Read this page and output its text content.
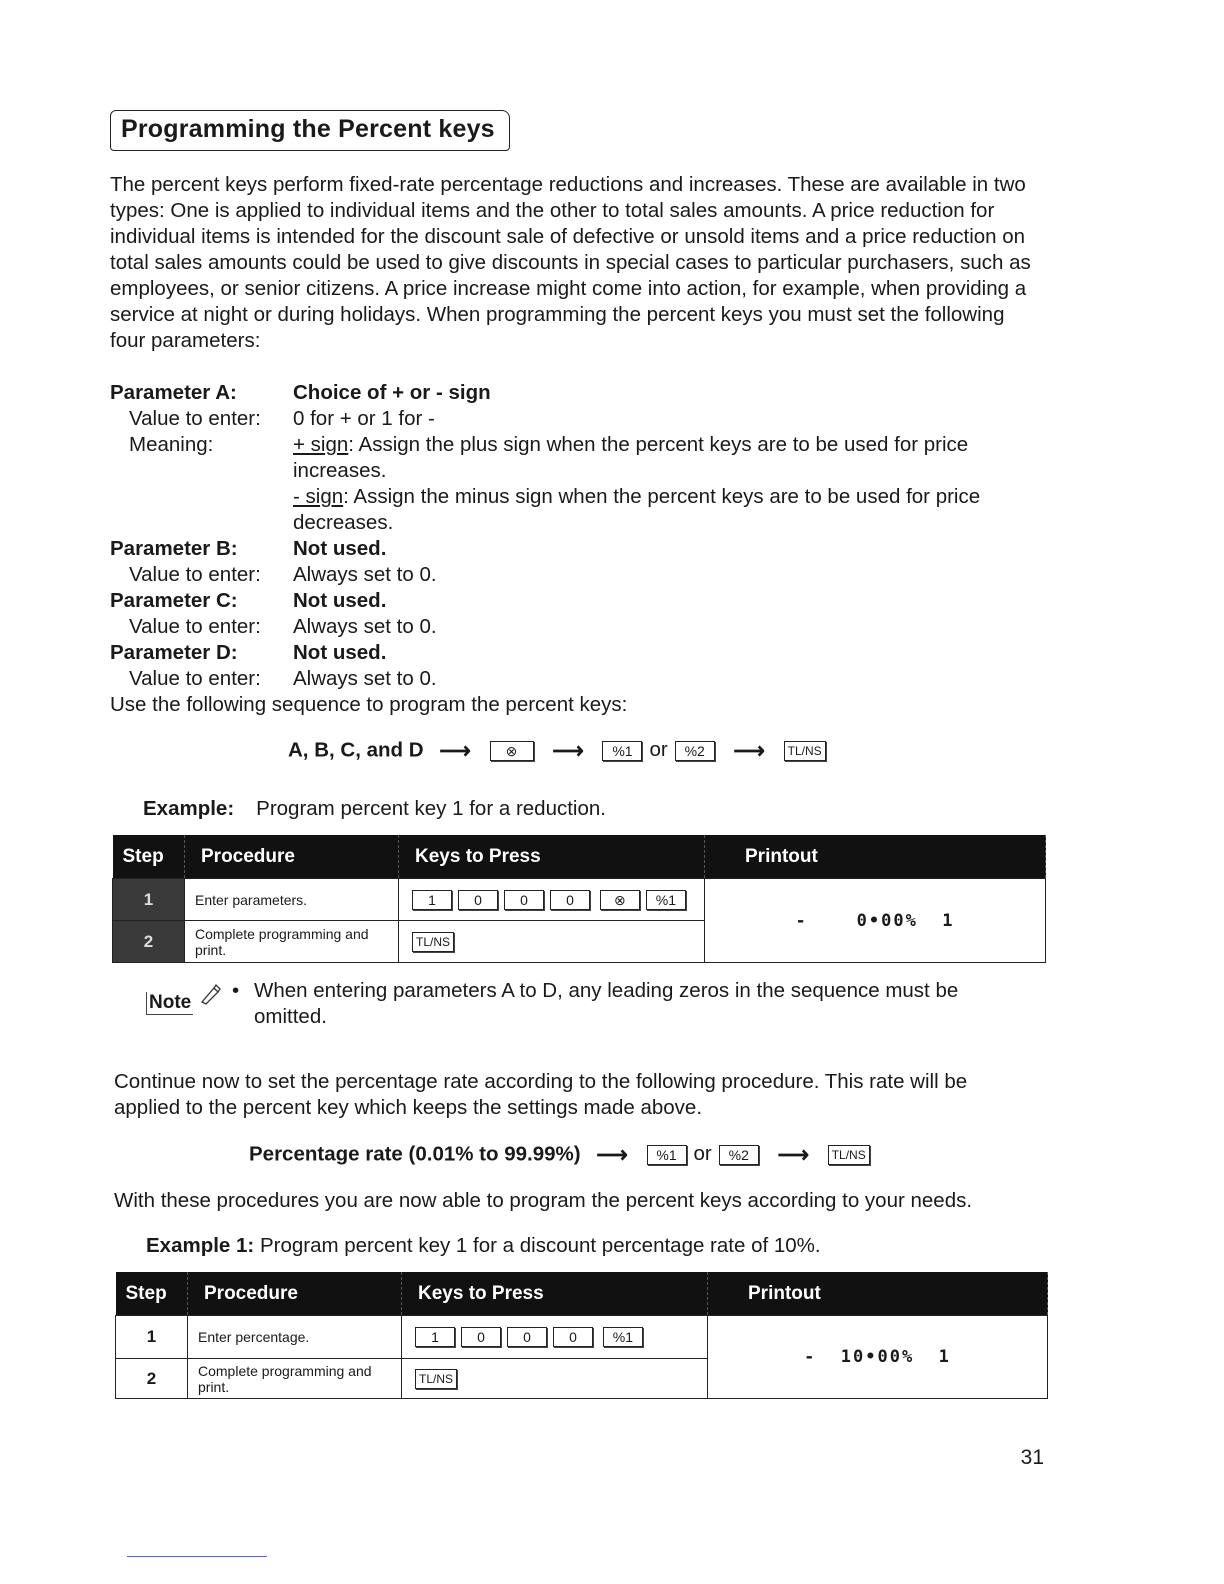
Programming the Percent keys
The percent keys perform fixed-rate percentage reductions and increases. These are available in two types: One is applied to individual items and the other to total sales amounts. A price reduction for individual items is intended for the discount sale of defective or unsold items and a price reduction on total sales amounts could be used to give discounts in special cases to particular purchasers, such as employees, or senior citizens. A price increase might come into action, for example, when providing a service at night or during holidays. When programming the percent keys you must set the following four parameters:
Parameter A:	Choice of + or - sign
Value to enter:	0 for + or 1 for -
Meaning:	+ sign: Assign the plus sign when the percent keys are to be used for price increases.
- sign: Assign the minus sign when the percent keys are to be used for price decreases.
Parameter B:	Not used.
Value to enter:	Always set to 0.
Parameter C:	Not used.
Value to enter:	Always set to 0.
Parameter D:	Not used.
Value to enter:	Always set to 0.
Use the following sequence to program the percent keys:
A, B, C, and D ⟶ ⊗ ⟶ %1 or %2 ⟶ TL/NS
Example: Program percent key 1 for a reduction.
Step	Procedure	Keys to Press	Printout
1	Enter parameters.	1 0 0 0 ⊗ %1	-    0•00%  1
2	Complete programming and print.	TL/NS	
Note
• When entering parameters A to D, any leading zeros in the sequence must be omitted.
Continue now to set the percentage rate according to the following procedure. This rate will be applied to the percent key which keeps the settings made above.
Percentage rate (0.01% to 99.99%) ⟶ %1 or %2 ⟶ TL/NS
With these procedures you are now able to program the percent keys according to your needs.
Example 1: Program percent key 1 for a discount percentage rate of 10%.
Step	Procedure	Keys to Press	Printout
1	Enter percentage.	1 0 0 0 %1	-  10•00%  1
2	Complete programming and print.	TL/NS	
31
